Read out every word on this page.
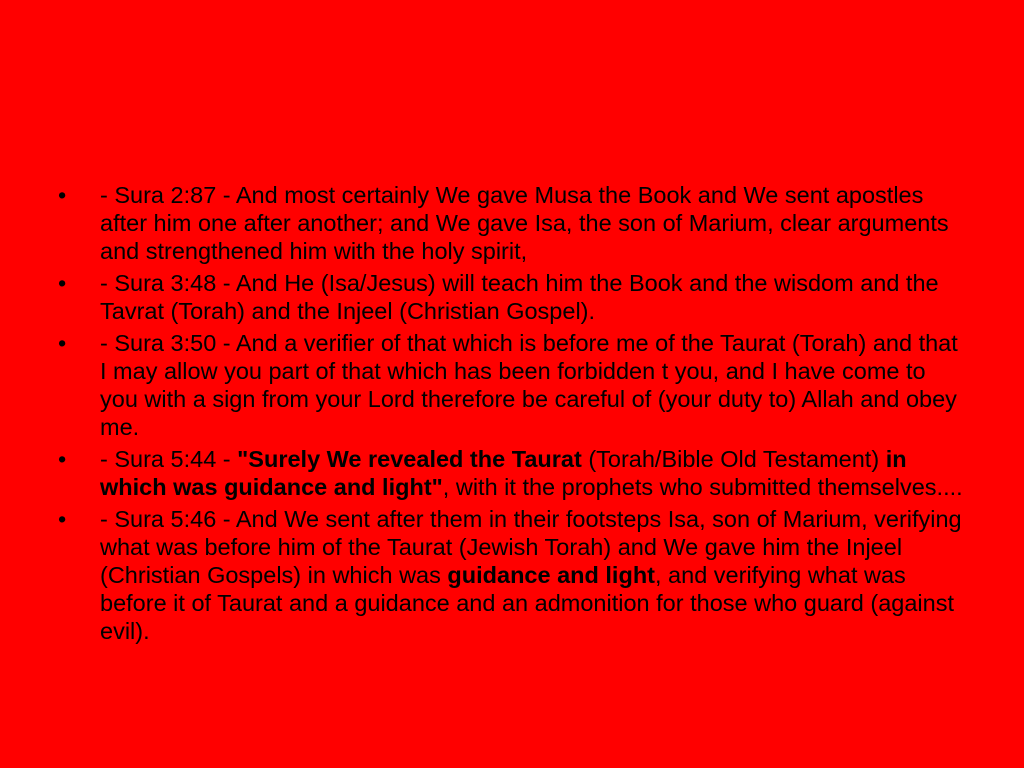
•	- Sura 2:87 - And most certainly We gave Musa the Book and We sent apostles after him one after another; and We gave Isa, the son of Marium, clear arguments and strengthened him with the holy spirit,
•	- Sura 3:48 - And He (Isa/Jesus) will teach him the Book and the wisdom and the Tavrat (Torah) and the Injeel (Christian Gospel).
•	- Sura 3:50 - And a verifier of that which is before me of the Taurat (Torah) and that I may allow you part of that which has been forbidden t you, and I have come to you with a sign from your Lord therefore be careful of (your duty to) Allah and obey me.
•	- Sura 5:44 - "Surely We revealed the Taurat (Torah/Bible Old Testament) in which was guidance and light", with it the prophets who submitted themselves....
•	- Sura 5:46 - And We sent after them in their footsteps Isa, son of Marium, verifying what was before him of the Taurat (Jewish Torah) and We gave him the Injeel (Christian Gospels) in which was guidance and light, and verifying what was before it of Taurat and a guidance and an admonition for those who guard (against evil).
